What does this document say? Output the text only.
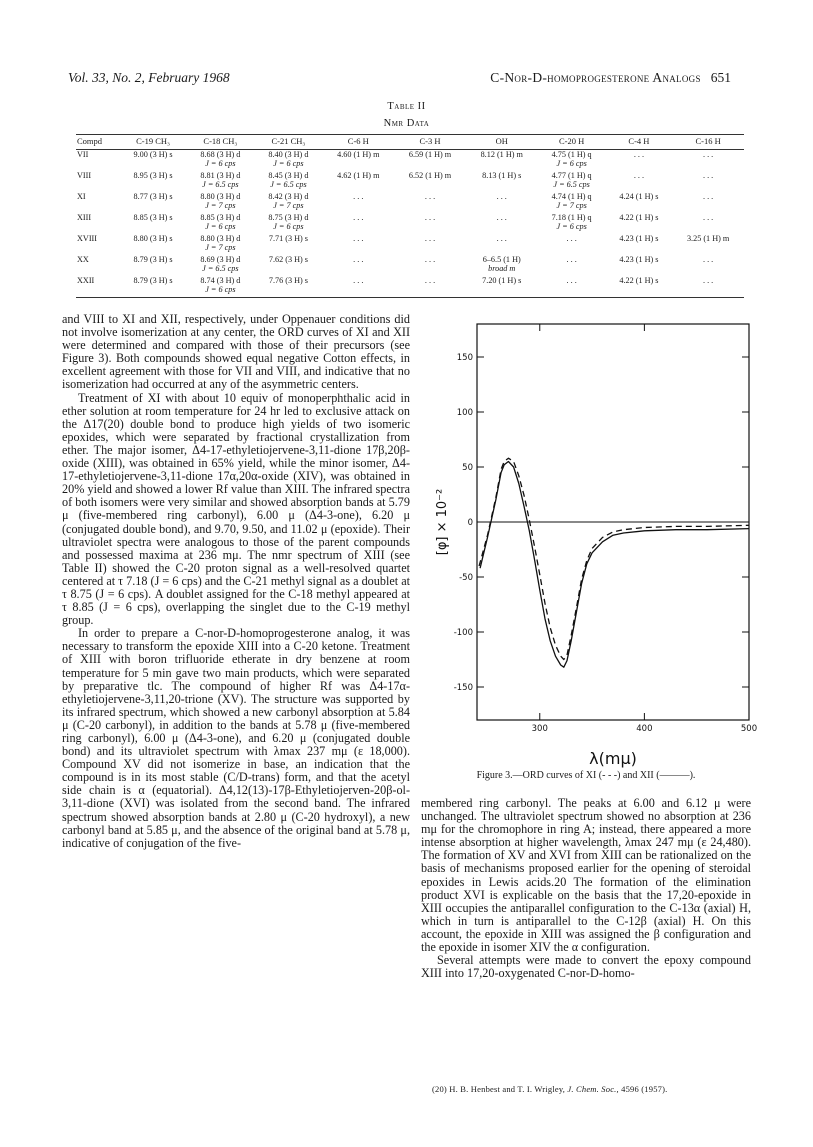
Vol. 33, No. 2, February 1968	C-Nor-D-homoprogesterone Analogs 651
Table II
Nmr Data
Compd	C-19 CH₃	C-18 CH₃	C-21 CH₃	C-6 H	C-3 H	OH	C-20 H	C-4 H	C-16 H
VII	9.00 (3 H) s	8.68 (3 H) d	8.40 (3 H) d	4.60 (1 H) m	6.59 (1 H) m	8.12 (1 H) m	4.75 (1 H) q	. . .	. . .
		J = 6 cps	J = 6 cps				J = 6 cps		
VIII	8.95 (3 H) s	8.81 (3 H) d	8.45 (3 H) d	4.62 (1 H) m	6.52 (1 H) m	8.13 (1 H) s	4.77 (1 H) q	. . .	. . .
		J = 6.5 cps	J = 6.5 cps				J = 6.5 cps		
XI	8.77 (3 H) s	8.80 (3 H) d	8.42 (3 H) d	. . .	. . .	. . .	4.74 (1 H) q	4.24 (1 H) s	. . .
		J = 7 cps	J = 7 cps				J = 7 cps		
XIII	8.85 (3 H) s	8.85 (3 H) d	8.75 (3 H) d	. . .	. . .	. . .	7.18 (1 H) q	4.22 (1 H) s	. . .
		J = 6 cps	J = 6 cps				J = 6 cps		
XVIII	8.80 (3 H) s	8.80 (3 H) d	7.71 (3 H) s	. . .	. . .	. . .	. . .	4.23 (1 H) s	3.25 (1 H) m
		J = 7 cps							
XX	8.79 (3 H) s	8.69 (3 H) d	7.62 (3 H) s	. . .	. . .	6–6.5 (1 H)	. . .	4.23 (1 H) s	. . .
		J = 6.5 cps				broad m			
XXII	8.79 (3 H) s	8.74 (3 H) d	7.76 (3 H) s	. . .	. . .	7.20 (1 H) s	. . .	4.22 (1 H) s	. . .
		J = 6 cps							

and VIII to XI and XII, respectively, under Oppenauer conditions did not involve isomerization at any center, the ORD curves of XI and XII were determined and compared with those of their precursors (see Figure 3). Both compounds showed equal negative Cotton effects, in excellent agreement with those for VII and VIII, and indicative that no isomerization had occurred at any of the asymmetric centers.

Treatment of XI with about 10 equiv of monoperphthalic acid in ether solution at room temperature for 24 hr led to exclusive attack on the Δ17(20) double bond to produce high yields of two isomeric epoxides, which were separated by fractional crystallization from ether. The major isomer, Δ4-17-ethyletiojervene-3,11-dione 17β,20β-oxide (XIII), was obtained in 65% yield, while the minor isomer, Δ4-17-ethyletiojervene-3,11-dione 17α,20α-oxide (XIV), was obtained in 20% yield and showed a lower Rf value than XIII. The infrared spectra of both isomers were very similar and showed absorption bands at 5.79 μ (five-membered ring carbonyl), 6.00 μ (Δ4-3-one), 6.20 μ (conjugated double bond), and 9.70, 9.50, and 11.02 μ (epoxide). Their ultraviolet spectra were analogous to those of the parent compounds and possessed maxima at 236 mμ. The nmr spectrum of XIII (see Table II) showed the C-20 proton signal as a well-resolved quartet centered at τ 7.18 (J = 6 cps) and the C-21 methyl signal as a doublet at τ 8.75 (J = 6 cps). A doublet assigned for the C-18 methyl appeared at τ 8.85 (J = 6 cps), overlapping the singlet due to the C-19 methyl group.

In order to prepare a C-nor-D-homoprogesterone analog, it was necessary to transform the epoxide XIII into a C-20 ketone. Treatment of XIII with boron trifluoride etherate in dry benzene at room temperature for 5 min gave two main products, which were separated by preparative tlc. The compound of higher Rf was Δ4-17α-ethyletiojervene-3,11,20-trione (XV). The structure was supported by its infrared spectrum, which showed a new carbonyl absorption at 5.84 μ (C-20 carbonyl), in addition to the bands at 5.78 μ (five-membered ring carbonyl), 6.00 μ (Δ4-3-one), and 6.20 μ (conjugated double bond) and its ultraviolet spectrum with λmax 237 mμ (ε 18,000). Compound XV did not isomerize in base, an indication that the compound is in its most stable (C/D-trans) form, and that the acetyl side chain is α (equatorial). Δ4,12(13)-17β-Ethyletiojerven-20β-ol-3,11-dione (XVI) was isolated from the second band. The infrared spectrum showed absorption bands at 2.80 μ (C-20 hydroxyl), a new carbonyl band at 5.85 μ, and the absence of the original band at 5.78 μ, indicative of conjugation of the five-

150
100
50
0
-50
-100
-150
300	400	500
[φ] × 10⁻²
λ(mμ)
Figure 3.—ORD curves of XI (- - -) and XII (———).

membered ring carbonyl. The peaks at 6.00 and 6.12 μ were unchanged. The ultraviolet spectrum showed no absorption at 236 mμ for the chromophore in ring A; instead, there appeared a more intense absorption at higher wavelength, λmax 247 mμ (ε 24,480). The formation of XV and XVI from XIII can be rationalized on the basis of mechanisms proposed earlier for the opening of steroidal epoxides in Lewis acids.20 The formation of the elimination product XVI is explicable on the basis that the 17,20-epoxide in XIII occupies the antiparallel configuration to the C-13α (axial) H, which in turn is antiparallel to the C-12β (axial) H. On this account, the epoxide in XIII was assigned the β configuration and the epoxide in isomer XIV the α configuration.

Several attempts were made to convert the epoxy compound XIII into 17,20-oxygenated C-nor-D-homo-

(20) H. B. Henbest and T. I. Wrigley, J. Chem. Soc., 4596 (1957).
